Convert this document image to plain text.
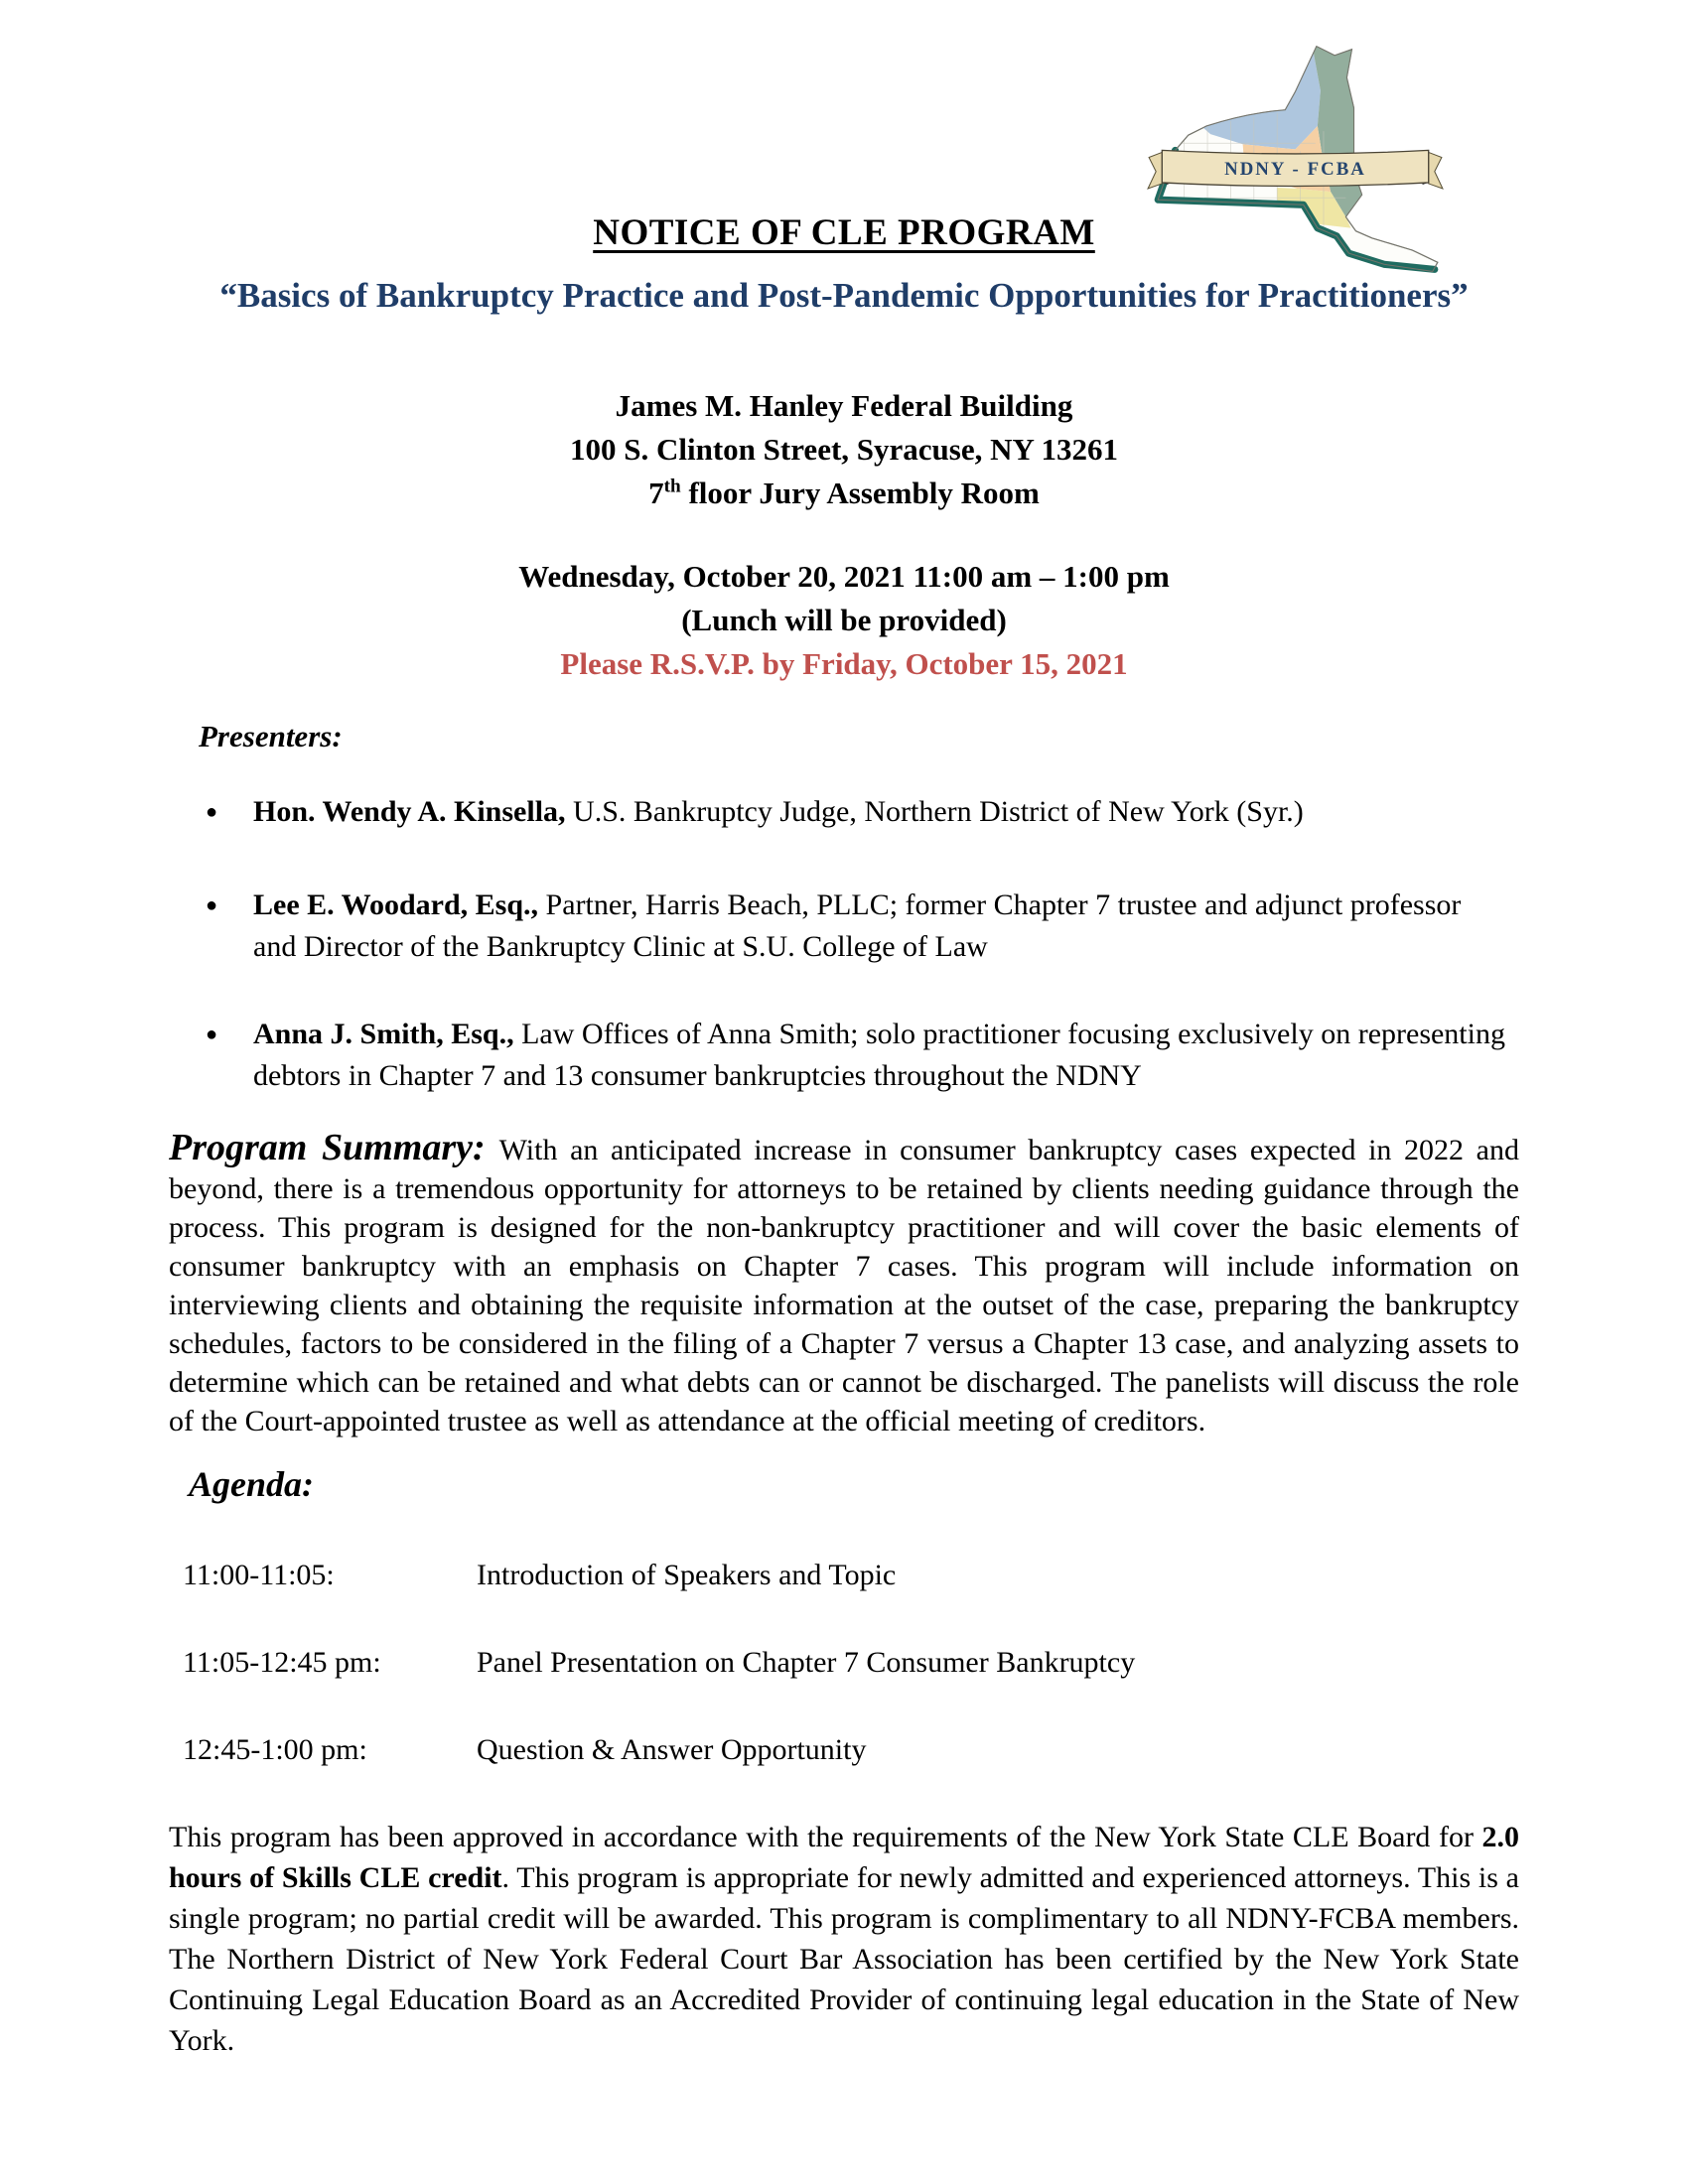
NDNY - FCBA
NOTICE OF CLE PROGRAM
“Basics of Bankruptcy Practice and Post-Pandemic Opportunities for Practitioners”
James M. Hanley Federal Building
100 S. Clinton Street, Syracuse, NY 13261
7th floor Jury Assembly Room
Wednesday, October 20, 2021 11:00 am – 1:00 pm
(Lunch will be provided)
Please R.S.V.P. by Friday, October 15, 2021
Presenters:
● Hon. Wendy A. Kinsella, U.S. Bankruptcy Judge, Northern District of New York (Syr.)
● Lee E. Woodard, Esq., Partner, Harris Beach, PLLC; former Chapter 7 trustee and adjunct professor and Director of the Bankruptcy Clinic at S.U. College of Law
● Anna J. Smith, Esq., Law Offices of Anna Smith; solo practitioner focusing exclusively on representing debtors in Chapter 7 and 13 consumer bankruptcies throughout the NDNY
Program Summary: With an anticipated increase in consumer bankruptcy cases expected in 2022 and beyond, there is a tremendous opportunity for attorneys to be retained by clients needing guidance through the process. This program is designed for the non-bankruptcy practitioner and will cover the basic elements of consumer bankruptcy with an emphasis on Chapter 7 cases. This program will include information on interviewing clients and obtaining the requisite information at the outset of the case, preparing the bankruptcy schedules, factors to be considered in the filing of a Chapter 7 versus a Chapter 13 case, and analyzing assets to determine which can be retained and what debts can or cannot be discharged. The panelists will discuss the role of the Court-appointed trustee as well as attendance at the official meeting of creditors.
Agenda:
11:00-11:05:	Introduction of Speakers and Topic
11:05-12:45 pm:	Panel Presentation on Chapter 7 Consumer Bankruptcy
12:45-1:00 pm:	Question & Answer Opportunity
This program has been approved in accordance with the requirements of the New York State CLE Board for 2.0 hours of Skills CLE credit. This program is appropriate for newly admitted and experienced attorneys. This is a single program; no partial credit will be awarded. This program is complimentary to all NDNY-FCBA members. The Northern District of New York Federal Court Bar Association has been certified by the New York State Continuing Legal Education Board as an Accredited Provider of continuing legal education in the State of New York.
